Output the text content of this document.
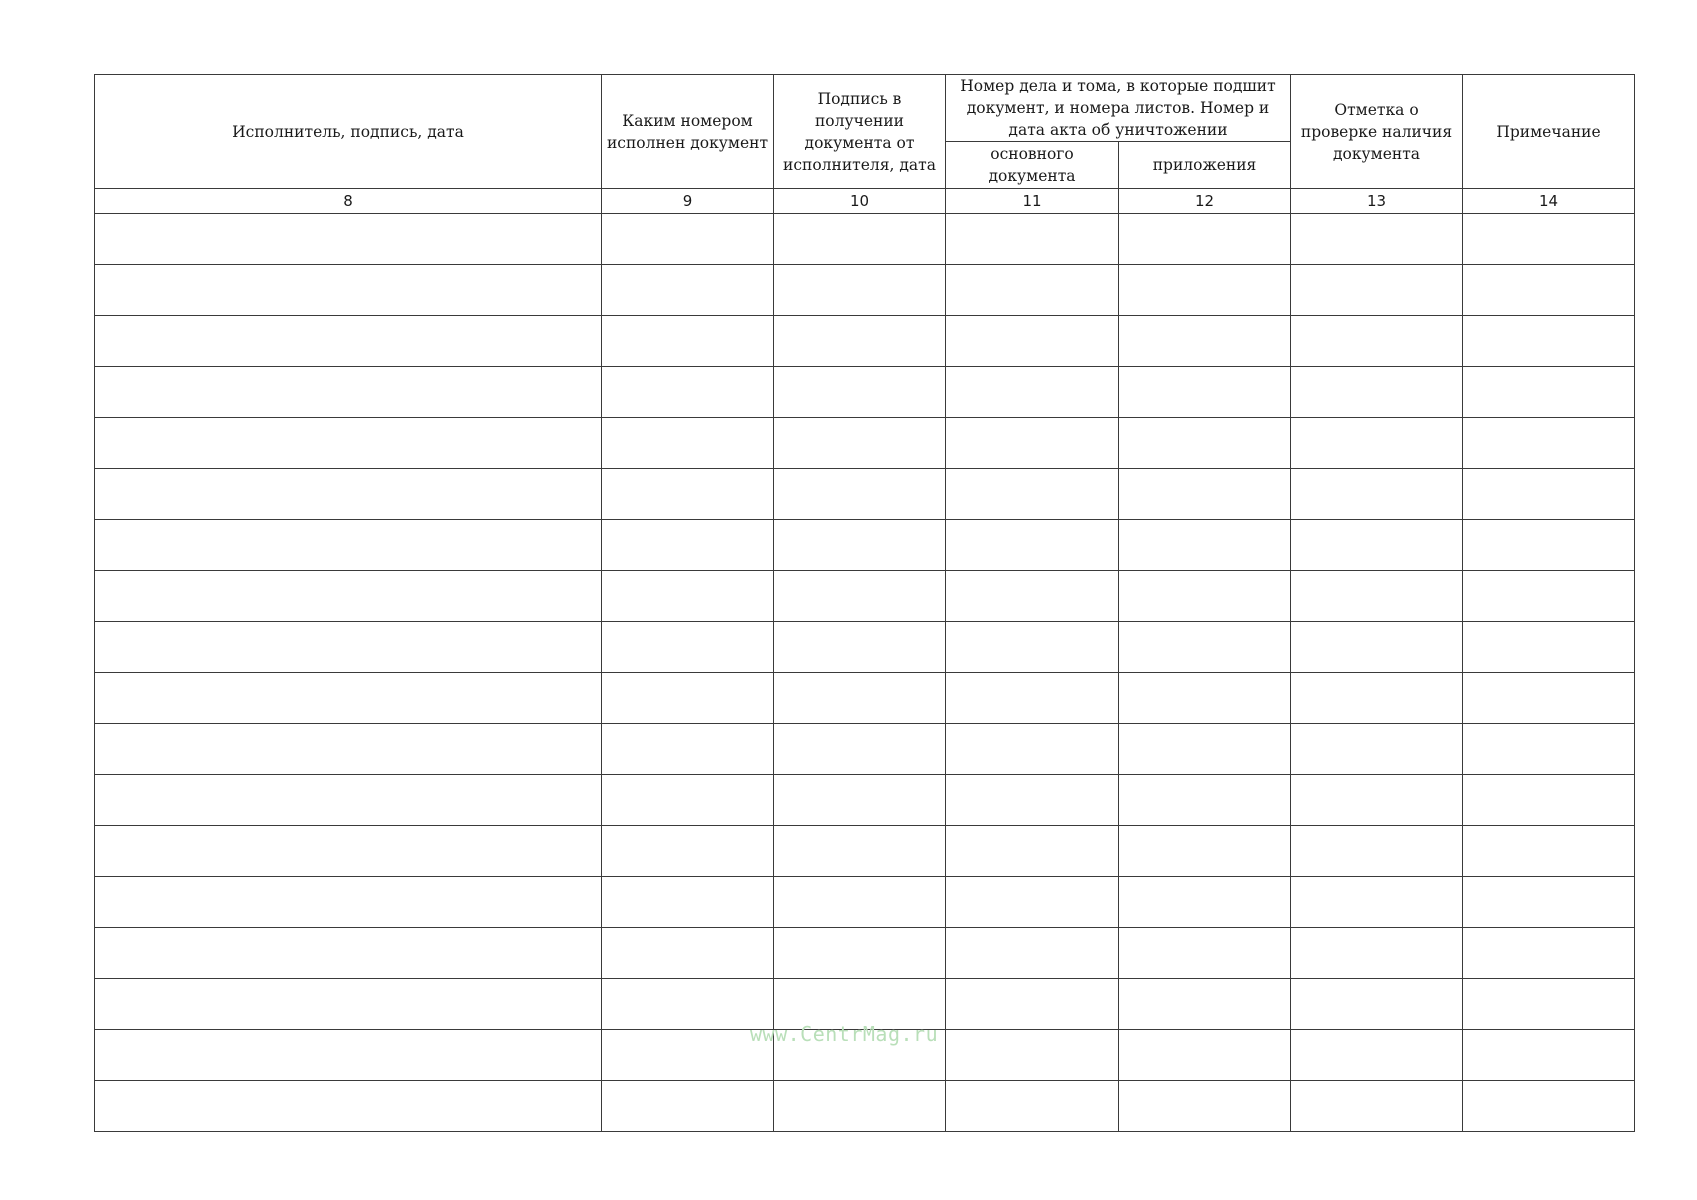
Исполнитель, подпись, дата	Каким номером исполнен документ	Подпись в получении документа от исполнителя, дата	Номер дела и тома, в которые подшит документ, и номера листов. Номер и дата акта об уничтожении		Отметка о проверке наличия документа	Примечание
			основного документа	приложения		
8	9	10	11	12	13	14

www.CentrMag.ru
